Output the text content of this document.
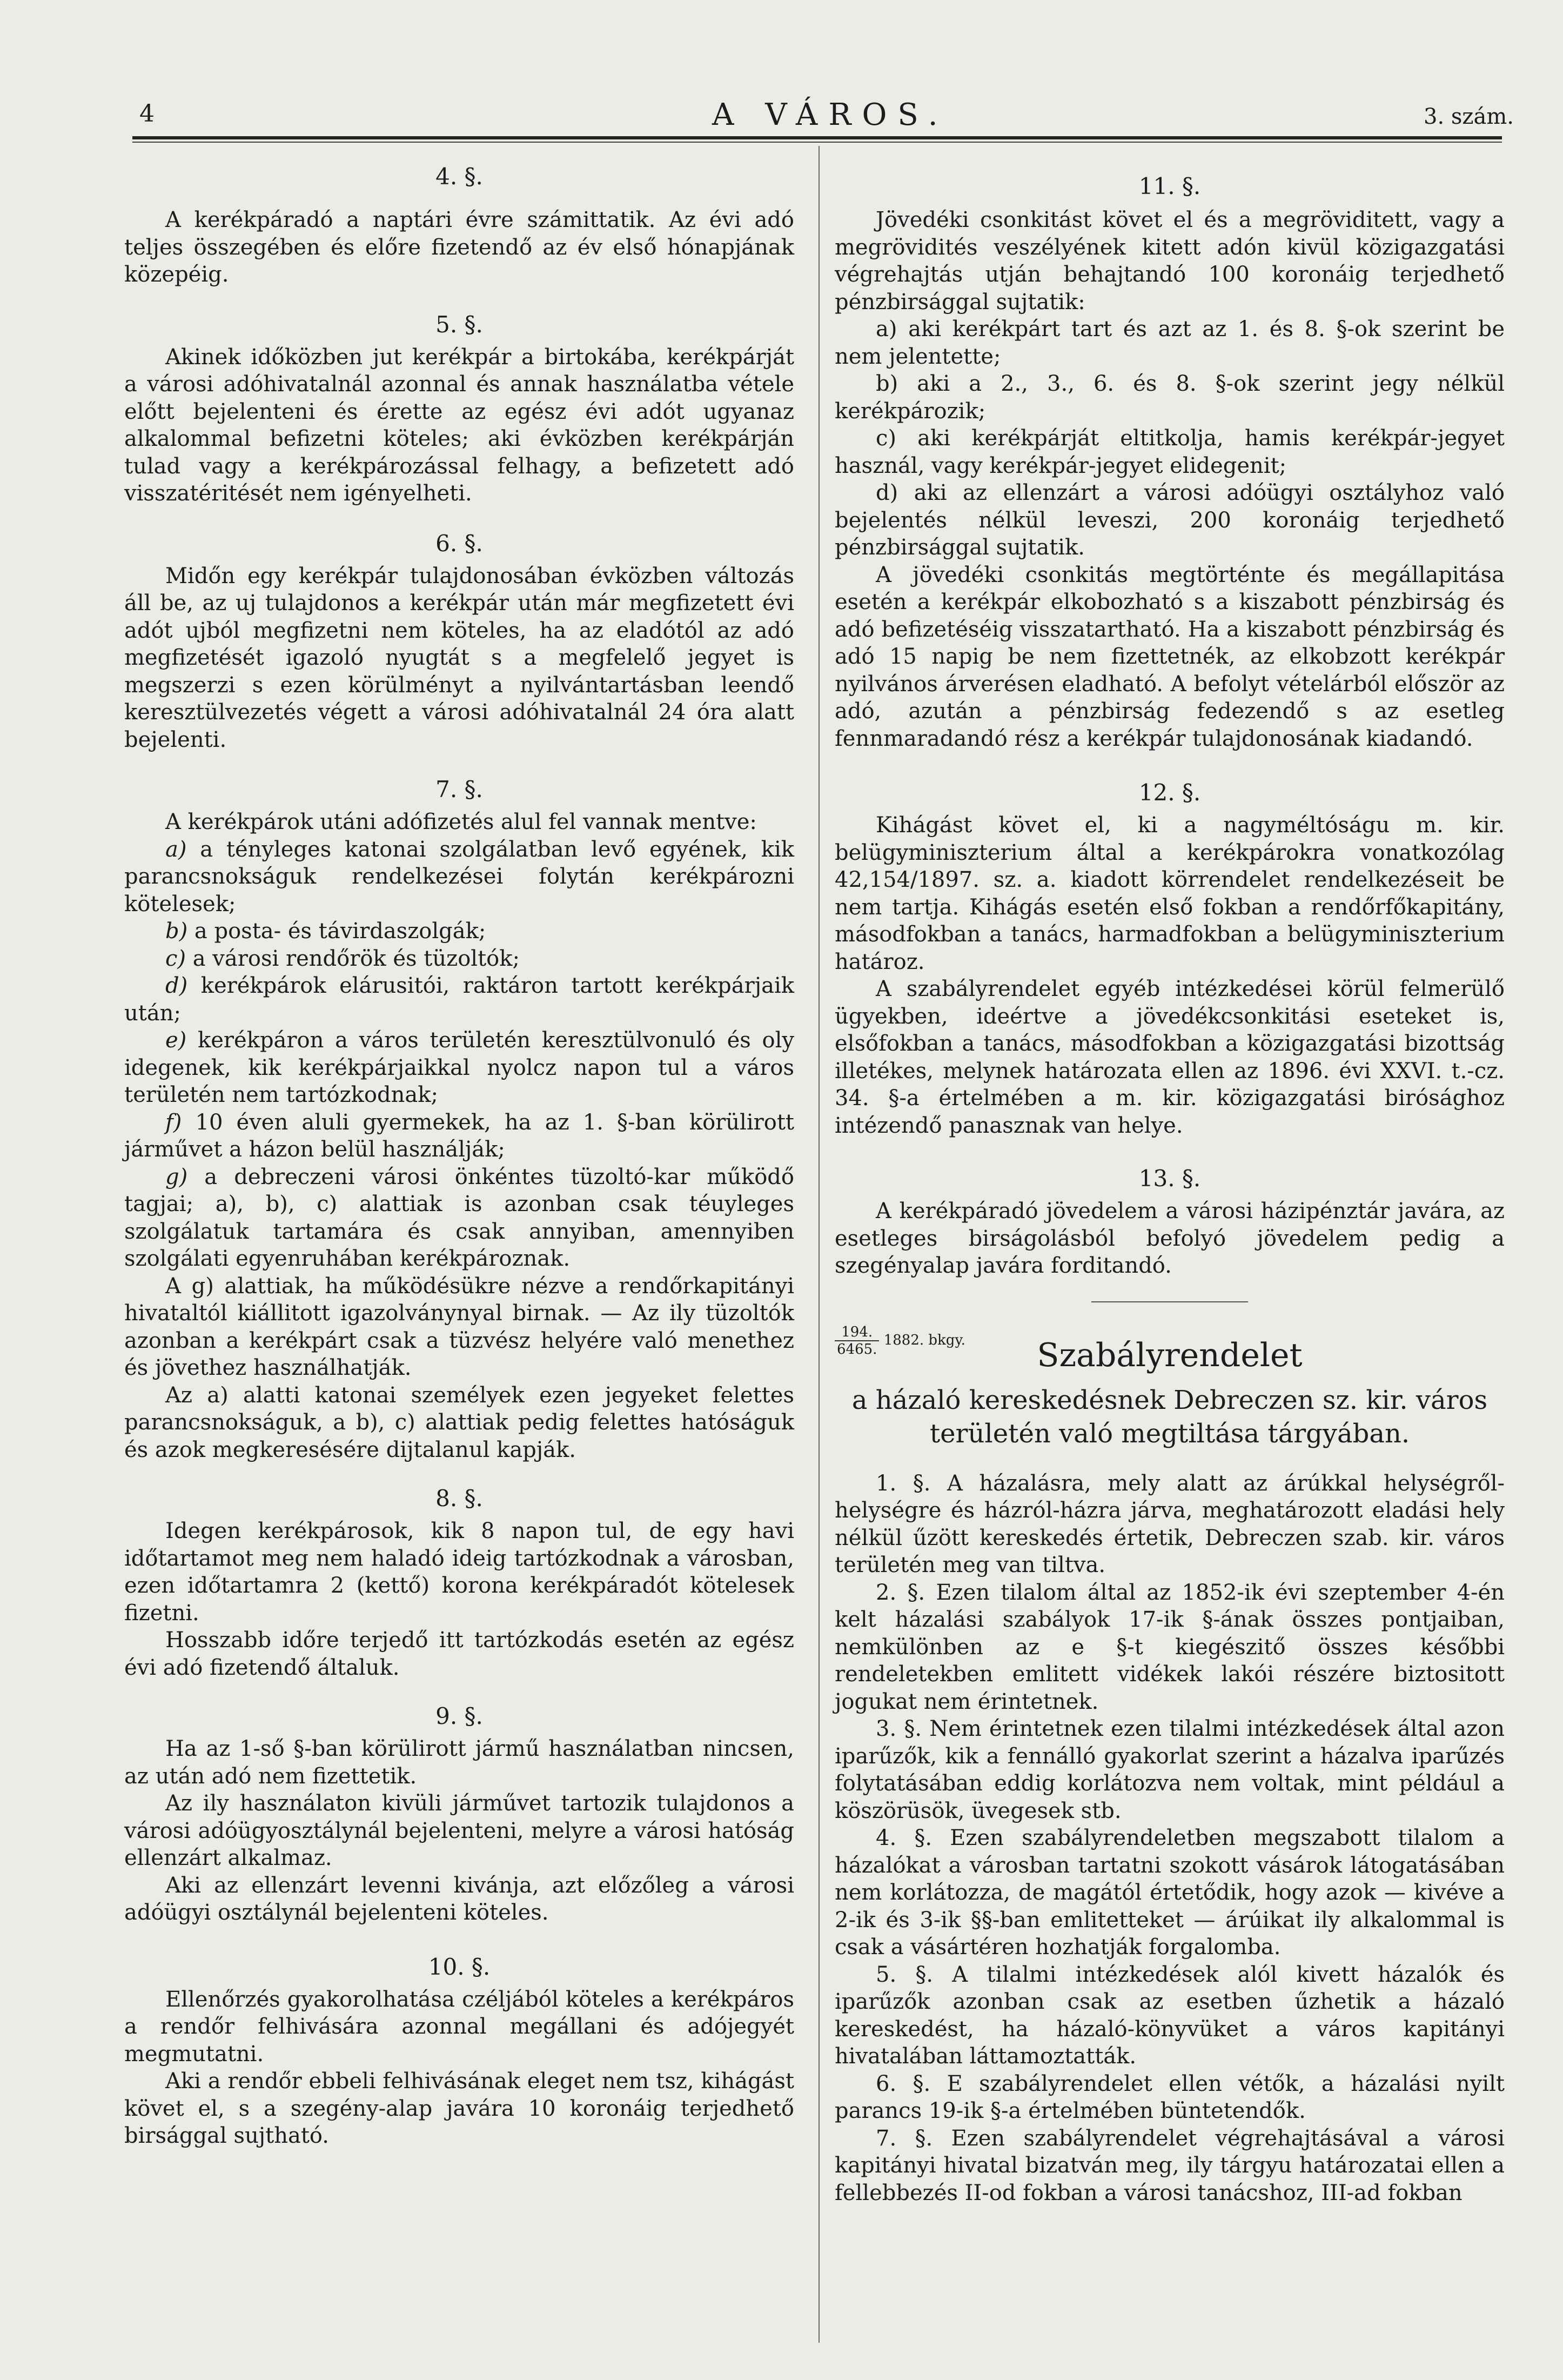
4	A VÁROS.	3. szám.
4. §.

A kerékpáradó a naptári évre számittatik. Az évi adó teljes összegében és előre fizetendő az év első hónapjának közepéig.

5. §.

Akinek időközben jut kerékpár a birtokába, kerékpárját a városi adóhivatalnál azonnal és annak használatba vétele előtt bejelenteni és érette az egész évi adót ugyanaz alkalommal befizetni köteles; aki évközben kerékpárján tulad vagy a kerékpározással felhagy, a befizetett adó visszatéritését nem igényelheti.

6. §.

Midőn egy kerékpár tulajdonosában évközben változás áll be, az uj tulajdonos a kerékpár után már megfizetett évi adót ujból megfizetni nem köteles, ha az eladótól az adó megfizetését igazoló nyugtát s a megfelelő jegyet is megszerzi s ezen körülményt a nyilvántartásban leendő keresztülvezetés végett a városi adóhivatalnál 24 óra alatt bejelenti.

7. §.

A kerékpárok utáni adófizetés alul fel vannak mentve:

a) a tényleges katonai szolgálatban levő egyének, kik parancsnokságuk rendelkezései folytán kerékpározni kötelesek;

b) a posta- és távirdaszolgák;

c) a városi rendőrök és tüzoltók;

d) kerékpárok elárusitói, raktáron tartott kerékpárjaik után;

e) kerékpáron a város területén keresztülvonuló és oly idegenek, kik kerékpárjaikkal nyolcz napon tul a város területén nem tartózkodnak;

f) 10 éven aluli gyermekek, ha az 1. §-ban körülirott járművet a házon belül használják;

g) a debreczeni városi önkéntes tüzoltó-kar működő tagjai; a), b), c) alattiak is azonban csak téuyleges szolgálatuk tartamára és csak annyiban, amennyiben szolgálati egyenruhában kerékpároznak.

A g) alattiak, ha működésükre nézve a rendőrkapitányi hivataltól kiállitott igazolványnyal birnak. — Az ily tüzoltók azonban a kerékpárt csak a tüzvész helyére való menethez és jövethez használhatják.

Az a) alatti katonai személyek ezen jegyeket felettes parancsnokságuk, a b), c) alattiak pedig felettes hatóságuk és azok megkeresésére dijtalanul kapják.

8. §.

Idegen kerékpárosok, kik 8 napon tul, de egy havi időtartamot meg nem haladó ideig tartózkodnak a városban, ezen időtartamra 2 (kettő) korona kerékpáradót kötelesek fizetni.

Hosszabb időre terjedő itt tartózkodás esetén az egész évi adó fizetendő általuk.

9. §.

Ha az 1-ső §-ban körülirott jármű használatban nincsen, az után adó nem fizettetik.

Az ily használaton kivüli járművet tartozik tulajdonos a városi adóügyosztálynál bejelenteni, melyre a városi hatóság ellenzárt alkalmaz.

Aki az ellenzárt levenni kivánja, azt előzőleg a városi adóügyi osztálynál bejelenteni köteles.

10. §.

Ellenőrzés gyakorolhatása czéljából köteles a kerékpáros a rendőr felhivására azonnal megállani és adójegyét megmutatni.

Aki a rendőr ebbeli felhivásának eleget nem tsz, kihágást követ el, s a szegény-alap javára 10 koronáig terjedhető birsággal sujtható.

11. §.

Jövedéki csonkitást követ el és a megröviditett, vagy a megrövidités veszélyének kitett adón kivül közigazgatási végrehajtás utján behajtandó 100 koronáig terjedhető pénzbirsággal sujtatik:

a) aki kerékpárt tart és azt az 1. és 8. §-ok szerint be nem jelentette;

b) aki a 2., 3., 6. és 8. §-ok szerint jegy nélkül kerékpározik;

c) aki kerékpárját eltitkolja, hamis kerékpár-jegyet használ, vagy kerékpár-jegyet elidegenit;

d) aki az ellenzárt a városi adóügyi osztályhoz való bejelentés nélkül leveszi, 200 koronáig terjedhető pénzbirsággal sujtatik.

A jövedéki csonkitás megtörténte és megállapitása esetén a kerékpár elkobozható s a kiszabott pénzbirság és adó befizetéséig visszatartható. Ha a kiszabott pénzbirság és adó 15 napig be nem fizettetnék, az elkobzott kerékpár nyilvános árverésen eladható. A befolyt vételárból először az adó, azután a pénzbirság fedezendő s az esetleg fennmaradandó rész a kerékpár tulajdonosának kiadandó.

12. §.

Kihágást követ el, ki a nagyméltóságu m. kir. belügyminiszterium által a kerékpárokra vonatkozólag 42,154/1897. sz. a. kiadott körrendelet rendelkezéseit be nem tartja. Kihágás esetén első fokban a rendőrfőkapitány, másodfokban a tanács, harmadfokban a belügyminiszterium határoz.

A szabályrendelet egyéb intézkedései körül felmerülő ügyekben, ideértve a jövedékcsonkitási eseteket is, elsőfokban a tanács, másodfokban a közigazgatási bizottság illetékes, melynek határozata ellen az 1896. évi XXVI. t.-cz. 34. §-a értelmében a m. kir. közigazgatási birósághoz intézendő panasznak van helye.

13. §.

A kerékpáradó jövedelem a városi házipénztár javára, az esetleges birságolásból befolyó jövedelem pedig a szegényalap javára forditandó.

$\frac{194.}{6465.} 1882$. bkgy.	Szabályrendelet
a házaló kereskedésnek Debreczen sz. kir. város területén való megtiltása tárgyában.

1. §. A házalásra, mely alatt az árúkkal helységről-helységre és házról-házra járva, meghatározott eladási hely nélkül űzött kereskedés értetik, Debreczen szab. kir. város területén meg van tiltva.

2. §. Ezen tilalom által az 1852-ik évi szeptember 4-én kelt házalási szabályok 17-ik §-ának összes pontjaiban, nemkülönben az e §-t kiegészitő összes későbbi rendeletekben emlitett vidékek lakói részére biztositott jogukat nem érintetnek.

3. §. Nem érintetnek ezen tilalmi intézkedések által azon iparűzők, kik a fennálló gyakorlat szerint a házalva iparűzés folytatásában eddig korlátozva nem voltak, mint például a köszörüsök, üvegesek stb.

4. §. Ezen szabályrendeletben megszabott tilalom a házalókat a városban tartatni szokott vásárok látogatásában nem korlátozza, de magától értetődik, hogy azok — kivéve a 2-ik és 3-ik §§-ban emlitetteket — árúikat ily alkalommal is csak a vásártéren hozhatják forgalomba.

5. §. A tilalmi intézkedések alól kivett házalók és iparűzők azonban csak az esetben űzhetik a házaló kereskedést, ha házaló-könyvüket a város kapitányi hivatalában láttamoztatták.

6. §. E szabályrendelet ellen vétők, a házalási nyilt parancs 19-ik §-a értelmében büntetendők.

7. §. Ezen szabályrendelet végrehajtásával a városi kapitányi hivatal bizatván meg, ily tárgyu határozatai ellen a fellebbezés II-od fokban a városi tanácshoz, III-ad fokban
